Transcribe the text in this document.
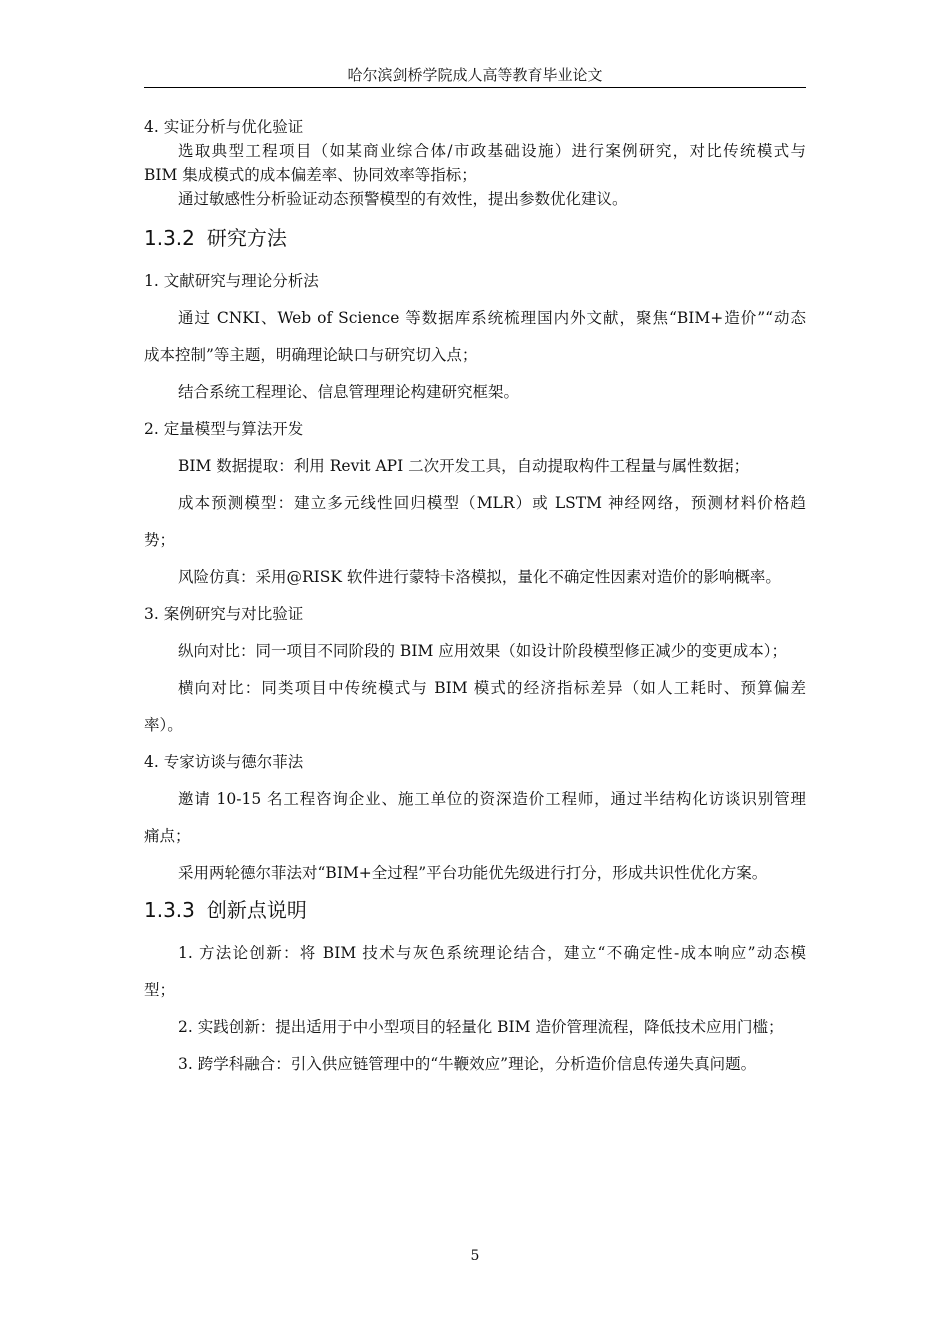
哈尔滨剑桥学院成人高等教育毕业论文
4. 实证分析与优化验证
选取典型工程项目（如某商业综合体/市政基础设施）进行案例研究，对比传统模式与
BIM 集成模式的成本偏差率、协同效率等指标；
通过敏感性分析验证动态预警模型的有效性，提出参数优化建议。
1.3.2 研究方法
1. 文献研究与理论分析法
通过 CNKI、Web of Science 等数据库系统梳理国内外文献，聚焦“BIM+造价”“动态
成本控制”等主题，明确理论缺口与研究切入点；
结合系统工程理论、信息管理理论构建研究框架。
2. 定量模型与算法开发
BIM 数据提取：利用 Revit API 二次开发工具，自动提取构件工程量与属性数据；
成本预测模型：建立多元线性回归模型（MLR）或 LSTM 神经网络，预测材料价格趋
势；
风险仿真：采用@RISK 软件进行蒙特卡洛模拟，量化不确定性因素对造价的影响概率。
3. 案例研究与对比验证
纵向对比：同一项目不同阶段的 BIM 应用效果（如设计阶段模型修正减少的变更成本）；
横向对比：同类项目中传统模式与 BIM 模式的经济指标差异（如人工耗时、预算偏差
率）。
4. 专家访谈与德尔菲法
邀请 10-15 名工程咨询企业、施工单位的资深造价工程师，通过半结构化访谈识别管理
痛点；
采用两轮德尔菲法对“BIM+全过程”平台功能优先级进行打分，形成共识性优化方案。
1.3.3 创新点说明
1. 方法论创新：将 BIM 技术与灰色系统理论结合，建立“不确定性-成本响应”动态模
型；
2. 实践创新：提出适用于中小型项目的轻量化 BIM 造价管理流程，降低技术应用门槛；
3. 跨学科融合：引入供应链管理中的“牛鞭效应”理论，分析造价信息传递失真问题。
5
